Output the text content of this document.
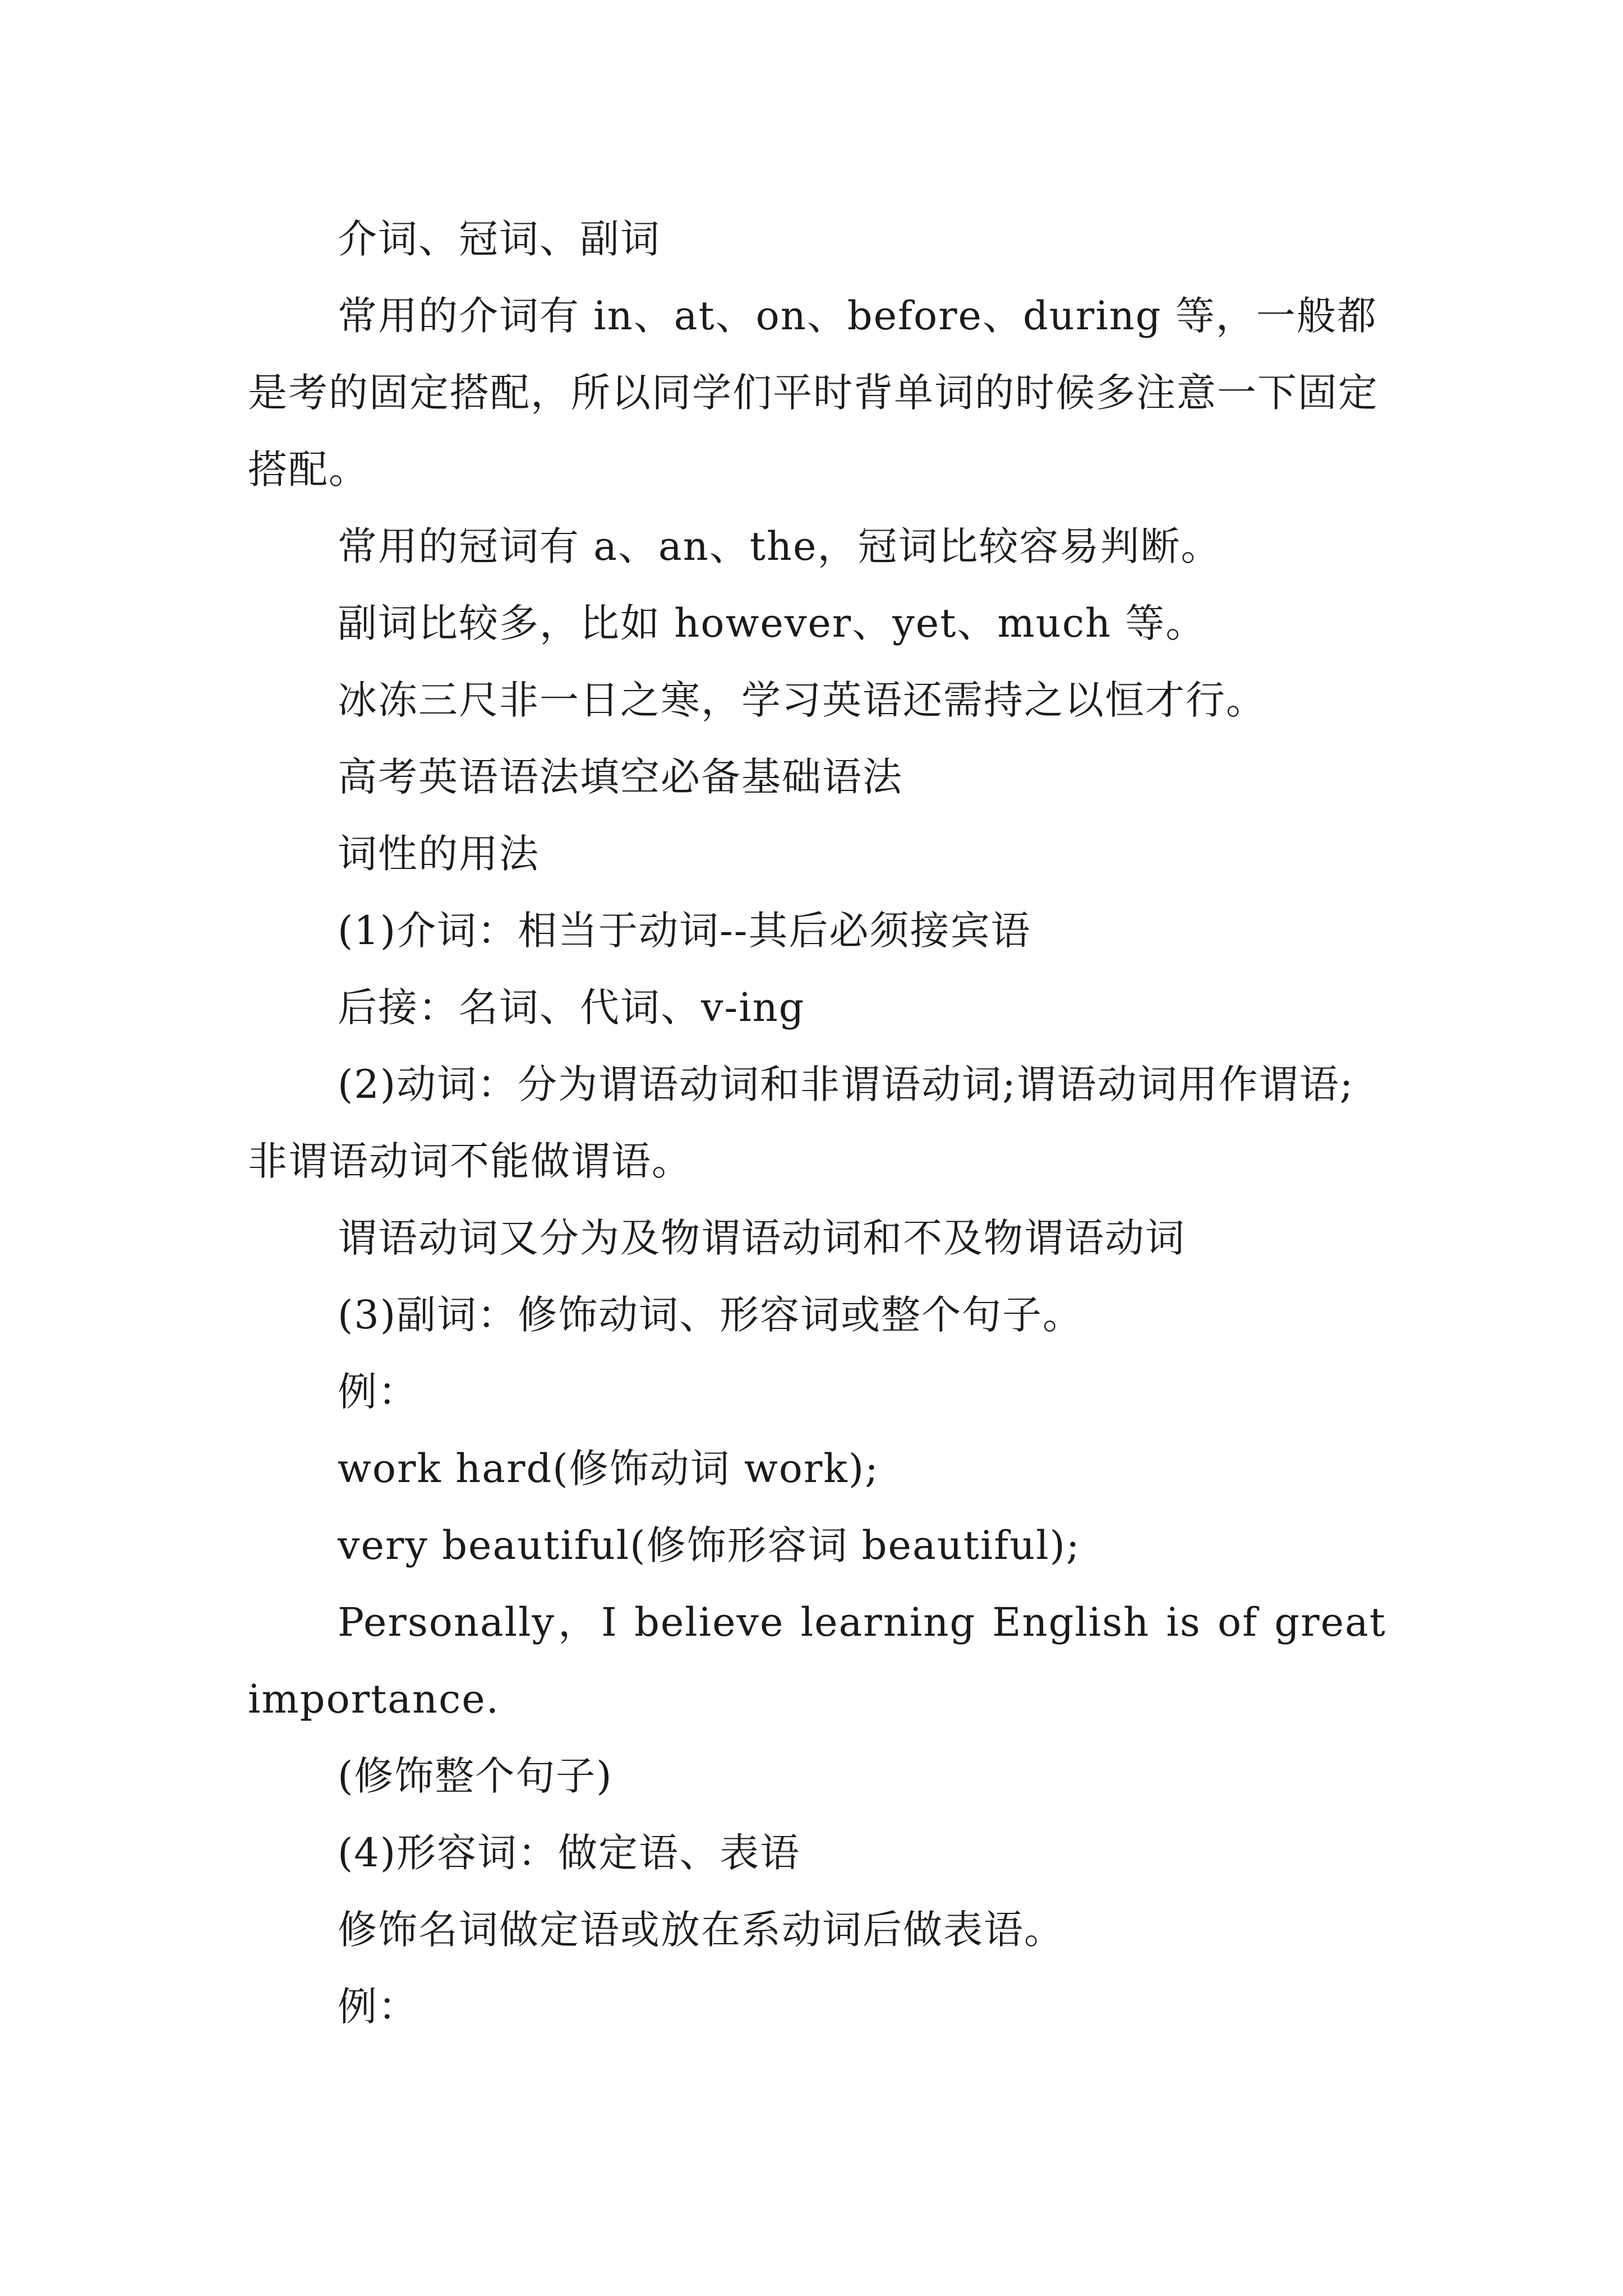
介词、冠词、副词

常用的介词有 in、at、on、before、during 等，一般都是考的固定搭配，所以同学们平时背单词的时候多注意一下固定搭配。

常用的冠词有 a、an、the，冠词比较容易判断。

副词比较多，比如 however、yet、much 等。

冰冻三尺非一日之寒，学习英语还需持之以恒才行。

高考英语语法填空必备基础语法

词性的用法

(1)介词：相当于动词--其后必须接宾语

后接：名词、代词、v-ing

(2)动词：分为谓语动词和非谓语动词;谓语动词用作谓语;非谓语动词不能做谓语。

谓语动词又分为及物谓语动词和不及物谓语动词

(3)副词：修饰动词、形容词或整个句子。

例：

work hard(修饰动词 work);

very beautiful(修饰形容词 beautiful);

Personally，I believe learning English is of great importance.

(修饰整个句子)

(4)形容词：做定语、表语

修饰名词做定语或放在系动词后做表语。

例：
